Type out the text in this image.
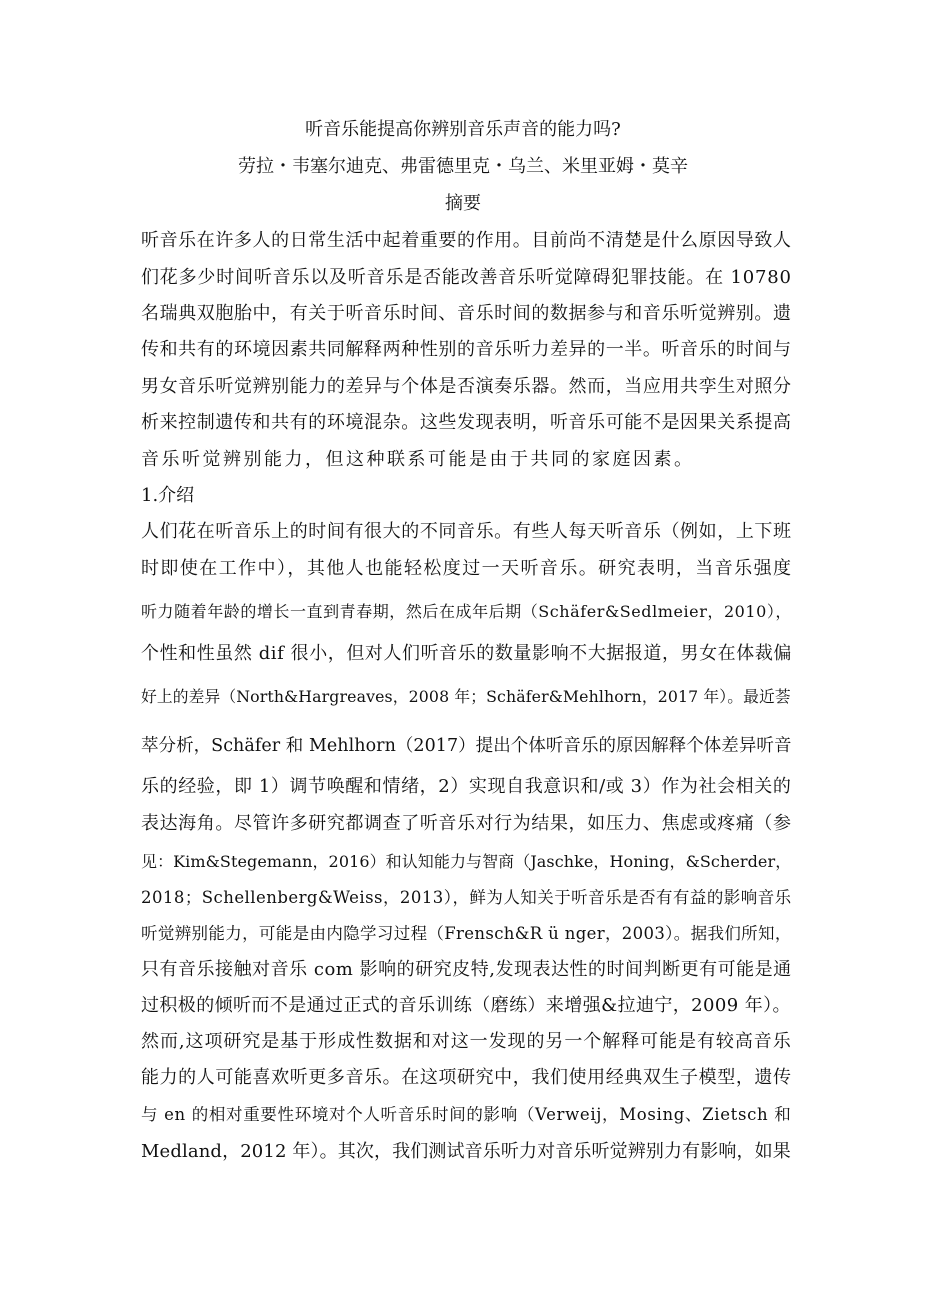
听音乐能提高你辨别音乐声音的能力吗?
劳拉・韦塞尔迪克、弗雷德里克・乌兰、米里亚姆・莫辛
摘要
听音乐在许多人的日常生活中起着重要的作用。目前尚不清楚是什么原因导致人
们花多少时间听音乐以及听音乐是否能改善音乐听觉障碍犯罪技能。在 10780
名瑞典双胞胎中，有关于听音乐时间、音乐时间的数据参与和音乐听觉辨别。遗
传和共有的环境因素共同解释两种性别的音乐听力差异的一半。听音乐的时间与
男女音乐听觉辨别能力的差异与个体是否演奏乐器。然而，当应用共孪生对照分
析来控制遗传和共有的环境混杂。这些发现表明，听音乐可能不是因果关系提高
音乐听觉辨别能力，但这种联系可能是由于共同的家庭因素。
1.介绍
人们花在听音乐上的时间有很大的不同音乐。有些人每天听音乐（例如，上下班
时即使在工作中），其他人也能轻松度过一天听音乐。研究表明，当音乐强度
听力随着年龄的增长一直到青春期，然后在成年后期（Schäfer&Sedlmeier，2010），
个性和性虽然 dif 很小，但对人们听音乐的数量影响不大据报道，男女在体裁偏
好上的差异（North&Hargreaves，2008 年；Schäfer&Mehlhorn，2017 年）。最近荟
萃分析，Schäfer 和 Mehlhorn（2017）提出个体听音乐的原因解释个体差异听音
乐的经验，即 1）调节唤醒和情绪，2）实现自我意识和/或 3）作为社会相关的
表达海角。尽管许多研究都调查了听音乐对行为结果，如压力、焦虑或疼痛（参
见：Kim&Stegemann，2016）和认知能力与智商（Jaschke，Honing，&Scherder，
2018；Schellenberg&Weiss，2013），鲜为人知关于听音乐是否有有益的影响音乐
听觉辨别能力，可能是由内隐学习过程（Frensch&R ü nger，2003）。据我们所知，
只有音乐接触对音乐 com 影响的研究皮特,发现表达性的时间判断更有可能是通
过积极的倾听而不是通过正式的音乐训练（磨练）来增强&拉迪宁，2009 年）。
然而,这项研究是基于形成性数据和对这一发现的另一个解释可能是有较高音乐
能力的人可能喜欢听更多音乐。在这项研究中，我们使用经典双生子模型，遗传
与 en 的相对重要性环境对个人听音乐时间的影响（Verweij，Mosing、Zietsch 和
Medland，2012 年）。其次，我们测试音乐听力对音乐听觉辨别力有影响，如果
